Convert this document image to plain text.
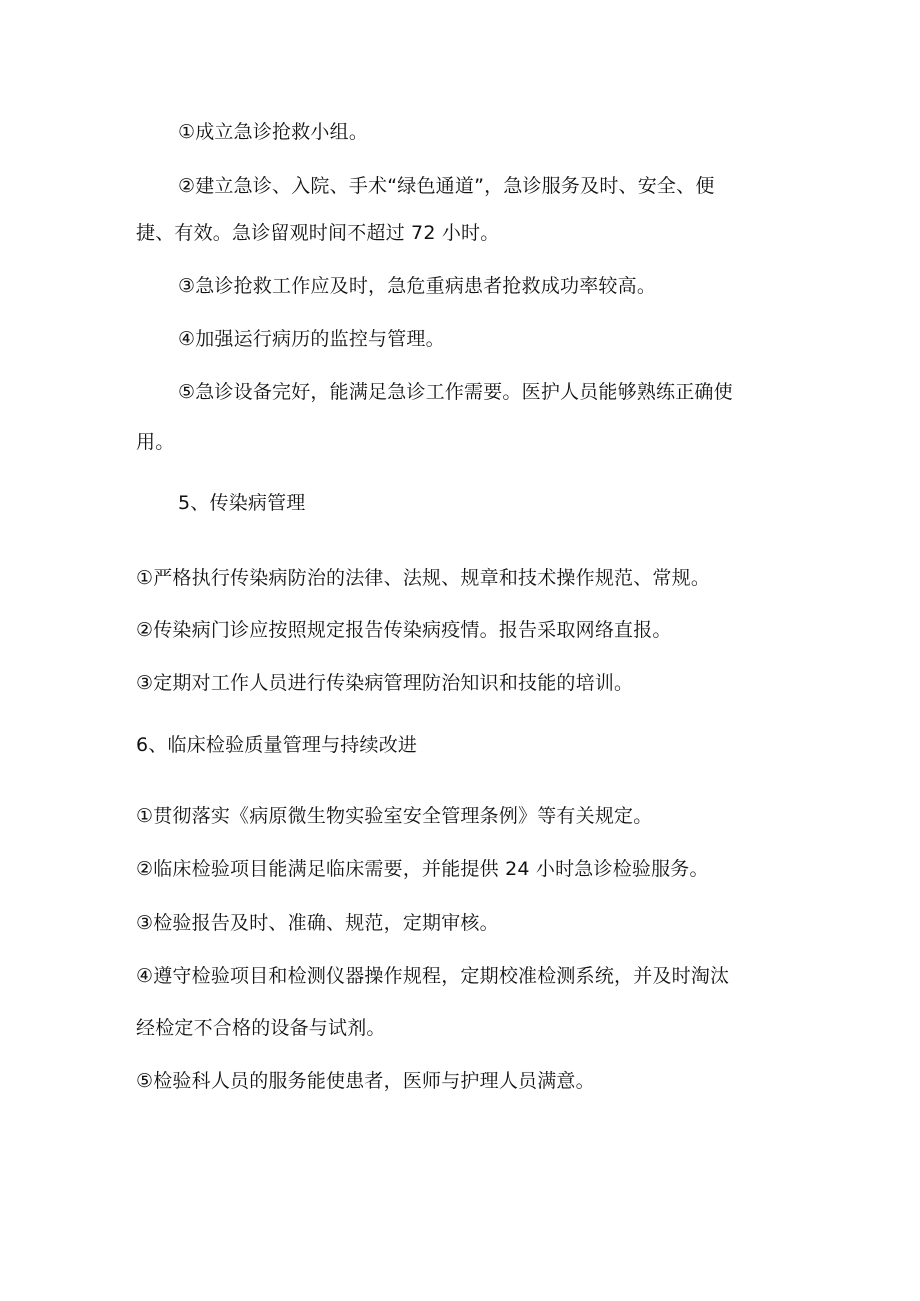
①成立急诊抢救小组。
②建立急诊、入院、手术“绿色通道”，急诊服务及时、安全、便
捷、有效。急诊留观时间不超过 72 小时。
③急诊抢救工作应及时，急危重病患者抢救成功率较高。
④加强运行病历的监控与管理。
⑤急诊设备完好，能满足急诊工作需要。医护人员能够熟练正确使
用。
5、传染病管理
①严格执行传染病防治的法律、法规、规章和技术操作规范、常规。
②传染病门诊应按照规定报告传染病疫情。报告采取网络直报。
③定期对工作人员进行传染病管理防治知识和技能的培训。
6、临床检验质量管理与持续改进
①贯彻落实《病原微生物实验室安全管理条例》等有关规定。
②临床检验项目能满足临床需要，并能提供 24 小时急诊检验服务。
③检验报告及时、准确、规范，定期审核。
④遵守检验项目和检测仪器操作规程，定期校准检测系统，并及时淘汰
经检定不合格的设备与试剂。
⑤检验科人员的服务能使患者，医师与护理人员满意。
